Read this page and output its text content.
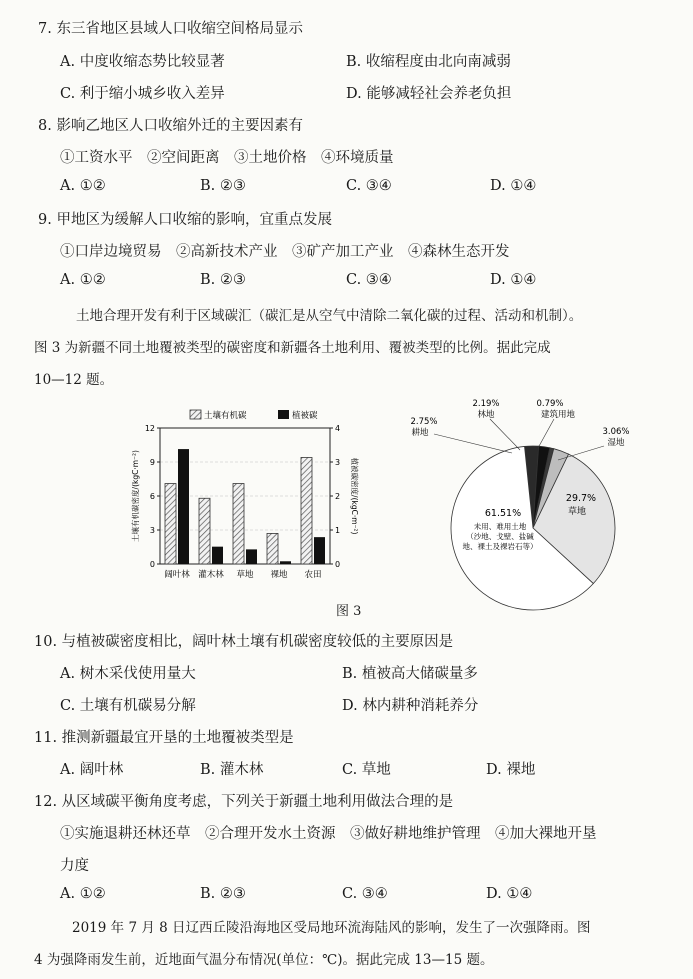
7. 东三省地区县域人口收缩空间格局显示
A. 中度收缩态势比较显著	B. 收缩程度由北向南减弱
C. 利于缩小城乡收入差异	D. 能够减轻社会养老负担
8. 影响乙地区人口收缩外迁的主要因素有
①工资水平　②空间距离　③土地价格　④环境质量
A. ①②	B. ②③	C. ③④	D. ①④
9. 甲地区为缓解人口收缩的影响，宜重点发展
①口岸边境贸易　②高新技术产业　③矿产加工产业　④森林生态开发
A. ①②	B. ②③	C. ③④	D. ①④
土地合理开发有利于区域碳汇（碳汇是从空气中清除二氧化碳的过程、活动和机制）。
图 3 为新疆不同土地覆被类型的碳密度和新疆各土地利用、覆被类型的比例。据此完成
10—12 题。
0
3
6
9
12
0
1
2
3
4
土壤有机碳密度/(kgC·m⁻²)	植被碳密度/(kgC·m⁻²)
阔叶林 灌木林 草地 裸地 农田
土壤有机碳	植被碳
2.19%
林地
0.79%
建筑用地
2.75%
耕地	3.06%
湿地
29.7%
草地
61.51%
未用、难用土地
（沙地、戈壁、盐碱
地、裸土及裸岩石等）
图 3
10. 与植被碳密度相比，阔叶林土壤有机碳密度较低的主要原因是
A. 树木采伐使用量大	B. 植被高大储碳量多
C. 土壤有机碳易分解	D. 林内耕种消耗养分
11. 推测新疆最宜开垦的土地覆被类型是
A. 阔叶林	B. 灌木林	C. 草地	D. 裸地
12. 从区域碳平衡角度考虑，下列关于新疆土地利用做法合理的是
①实施退耕还林还草　②合理开发水土资源　③做好耕地维护管理　④加大裸地开垦
力度
A. ①②	B. ②③	C. ③④	D. ①④
2019 年 7 月 8 日辽西丘陵沿海地区受局地环流海陆风的影响，发生了一次强降雨。图
4 为强降雨发生前，近地面气温分布情况(单位：℃)。据此完成 13—15 题。
